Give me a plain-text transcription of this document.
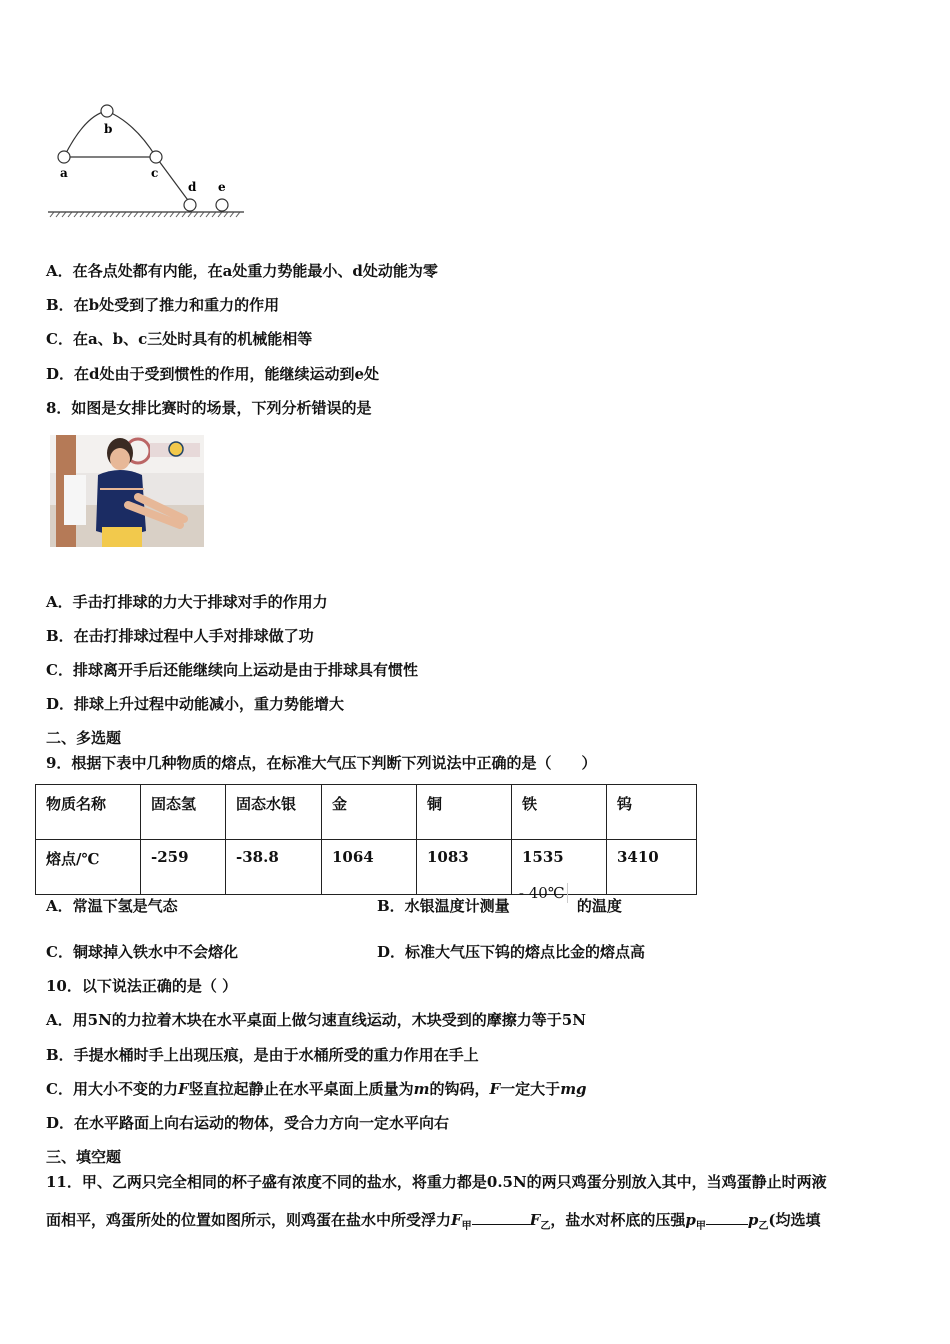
a
b
c
d e
A．在各点处都有内能，在a处重力势能最小、d处动能为零
B．在b处受到了推力和重力的作用
C．在a、b、c三处时具有的机械能相等
D．在d处由于受到惯性的作用，能继续运动到e处
8．如图是女排比赛时的场景，下列分析错误的是
A．手击打排球的力大于排球对手的作用力
B．在击打排球过程中人手对排球做了功
C．排球离开手后还能继续向上运动是由于排球具有惯性
D．排球上升过程中动能减小，重力势能增大
二、多选题
9．根据下表中几种物质的熔点，在标准大气压下判断下列说法中正确的是（　　）
物质名称	固态氢	固态水银	金	铜	铁	钨
熔点/℃	-259	-38.8	1064	1083	1535	3410
A．常温下氢是气态	B．水银温度计测量 - 40℃ 的温度
C．铜球掉入铁水中不会熔化	D．标准大气压下钨的熔点比金的熔点高
10．以下说法正确的是（ ）
A．用5N的力拉着木块在水平桌面上做匀速直线运动，木块受到的摩擦力等于5N
B．手提水桶时手上出现压痕，是由于水桶所受的重力作用在手上
C．用大小不变的力F竖直拉起静止在水平桌面上质量为m的钩码，F一定大于mg
D．在水平路面上向右运动的物体，受合力方向一定水平向右
三、填空题
11．甲、乙两只完全相同的杯子盛有浓度不同的盐水，将重力都是0.5N的两只鸡蛋分别放入其中，当鸡蛋静止时两液
面相平，鸡蛋所处的位置如图所示，则鸡蛋在盐水中所受浮力$F_甲$	$F_乙$，盐水对杯底的压强$p_甲$	$p_乙$(均选填
